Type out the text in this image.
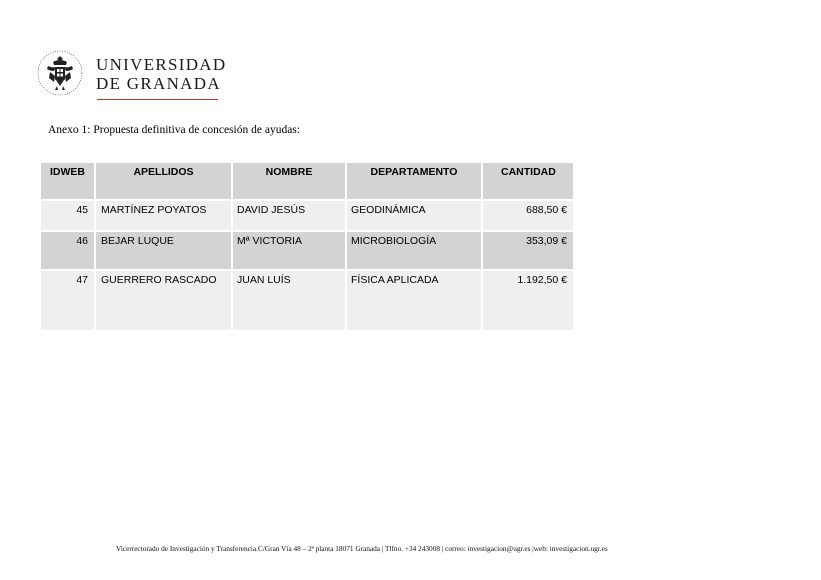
UNIVERSIDAD
DE GRANADA
Anexo 1: Propuesta definitiva de concesión de ayudas:
IDWEB	APELLIDOS	NOMBRE	DEPARTAMENTO	CANTIDAD

45	MARTÍNEZ POYATOS	DAVID JESÚS	GEODINÁMICA	688,50 €

46	BEJAR LUQUE	Mª VICTORIA	MICROBIOLOGÍA	353,09 €

47	GUERRERO RASCADO	JUAN LUÍS	FÍSICA APLICADA	1.192,50 €
Vicerrectorado de Investigación y Transferencia.C/Gran Vía 48 – 2ª planta 18071 Granada | Tlfno. +34 243008 | correo: investigacion@ugr.es |web: investigacion.ugr.es
